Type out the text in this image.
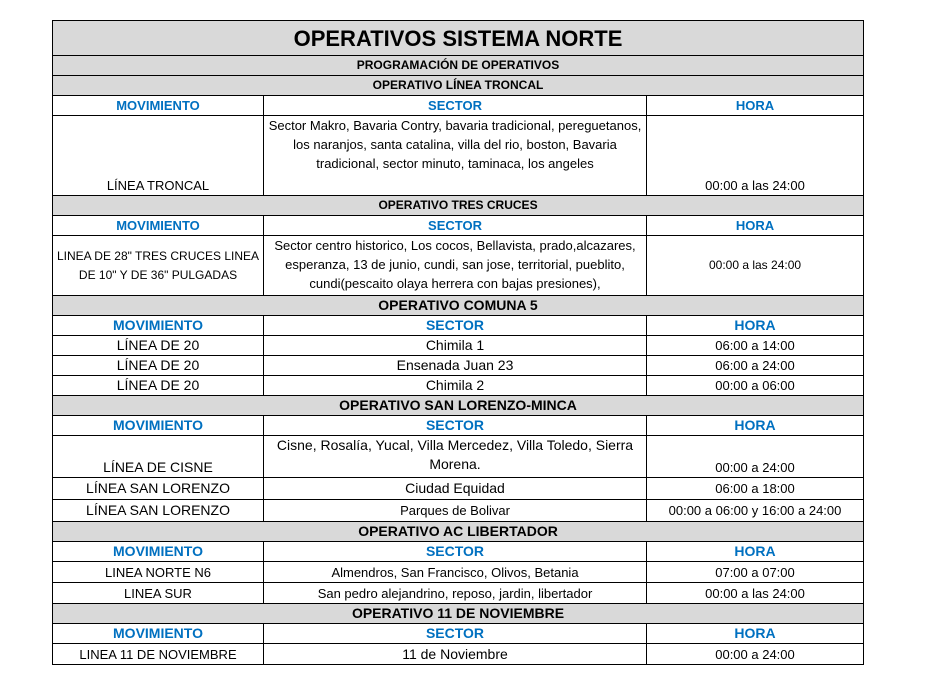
OPERATIVOS SISTEMA NORTE		
PROGRAMACIÓN DE OPERATIVOS		
OPERATIVO LÍNEA TRONCAL		
MOVIMIENTO	SECTOR	HORA
LÍNEA TRONCAL	Sector Makro, Bavaria Contry, bavaria tradicional, pereguetanos, los naranjos, santa catalina, villa del rio, boston, Bavaria tradicional, sector minuto, taminaca, los angeles	00:00 a las 24:00
OPERATIVO TRES CRUCES		
MOVIMIENTO	SECTOR	HORA
LINEA DE 28" TRES CRUCES LINEA DE 10" Y DE 36" PULGADAS	Sector centro historico, Los cocos, Bellavista, prado,alcazares, esperanza, 13 de junio, cundi, san jose, territorial, pueblito, cundi(pescaito olaya herrera con bajas presiones),	00:00 a las 24:00
OPERATIVO COMUNA 5		
MOVIMIENTO	SECTOR	HORA
LÍNEA DE 20	Chimila 1	06:00 a 14:00
LÍNEA DE 20	Ensenada Juan 23	06:00 a 24:00
LÍNEA DE 20	Chimila 2	00:00 a 06:00
OPERATIVO SAN LORENZO-MINCA		
MOVIMIENTO	SECTOR	HORA
LÍNEA DE CISNE	Cisne, Rosalía, Yucal, Villa Mercedez, Villa Toledo, Sierra Morena.	00:00 a 24:00
LÍNEA SAN LORENZO	Ciudad Equidad	06:00 a 18:00
LÍNEA SAN LORENZO	Parques de Bolivar	00:00 a 06:00 y 16:00 a 24:00
OPERATIVO AC LIBERTADOR		
MOVIMIENTO	SECTOR	HORA
LINEA NORTE N6	Almendros, San Francisco, Olivos, Betania	07:00 a 07:00
LINEA SUR	San pedro alejandrino, reposo, jardin, libertador	00:00 a las 24:00
OPERATIVO 11 DE NOVIEMBRE		
MOVIMIENTO	SECTOR	HORA
LINEA 11 DE NOVIEMBRE	11 de Noviembre	00:00 a 24:00
